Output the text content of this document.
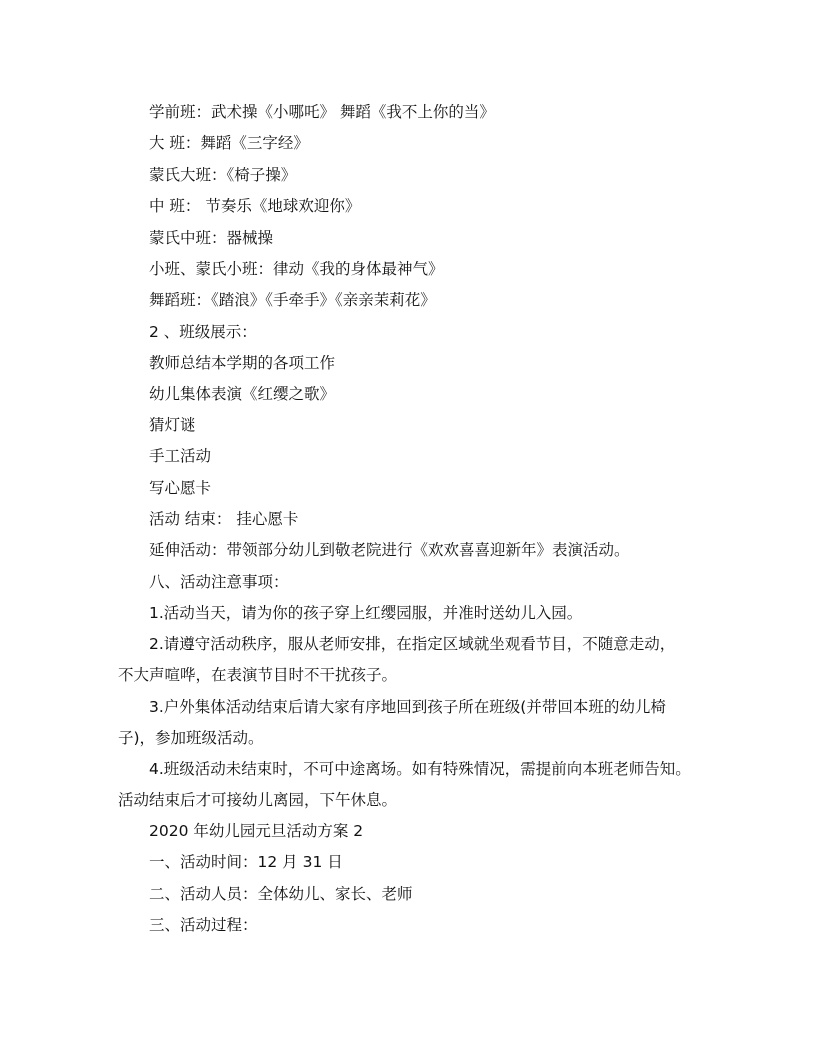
学前班：武术操《小哪吒》 舞蹈《我不上你的当》
大 班：舞蹈《三字经》
蒙氏大班：《椅子操》
中 班： 节奏乐《地球欢迎你》
蒙氏中班：器械操
小班、蒙氏小班：律动《我的身体最神气》
舞蹈班：《踏浪》《手牵手》《亲亲茉莉花》
2 、班级展示：
教师总结本学期的各项工作
幼儿集体表演《红缨之歌》
猜灯谜
手工活动
写心愿卡
活动 结束： 挂心愿卡
延伸活动：带领部分幼儿到敬老院进行《欢欢喜喜迎新年》表演活动。
八、活动注意事项：
1.活动当天，请为你的孩子穿上红缨园服，并准时送幼儿入园。
2.请遵守活动秩序，服从老师安排，在指定区域就坐观看节目，不随意走动，
不大声喧哗，在表演节目时不干扰孩子。
3.户外集体活动结束后请大家有序地回到孩子所在班级(并带回本班的幼儿椅
子)，参加班级活动。
4.班级活动未结束时，不可中途离场。如有特殊情况，需提前向本班老师告知。
活动结束后才可接幼儿离园，下午休息。
2020 年幼儿园元旦活动方案 2
一、活动时间：12 月 31 日
二、活动人员：全体幼儿、家长、老师
三、活动过程：
